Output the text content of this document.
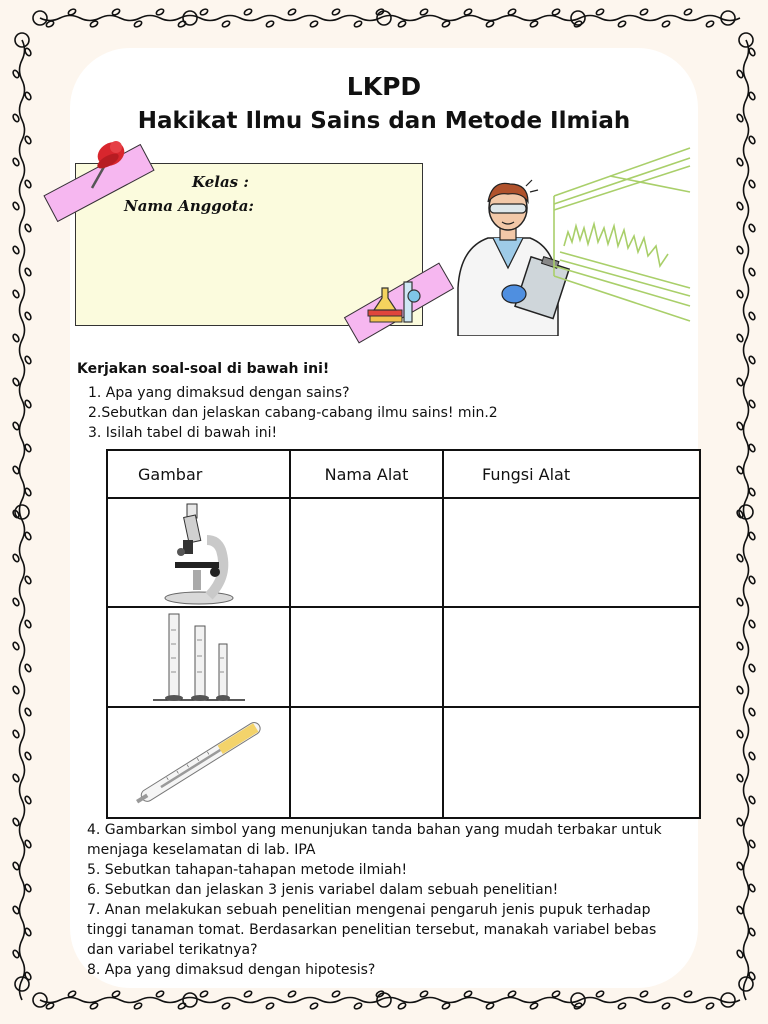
LKPD
Hakikat Ilmu Sains dan Metode Ilmiah
Kelas :
Nama Anggota:
Kerjakan soal-soal di bawah ini!
1. Apa yang dimaksud dengan sains?
2.Sebutkan dan jelaskan cabang-cabang ilmu sains! min.2
3. Isilah tabel di bawah ini!
Gambar	Nama Alat	Fungsi Alat

4. Gambarkan simbol yang menunjukan tanda bahan yang mudah terbakar untuk menjaga keselamatan di lab. IPA
5. Sebutkan tahapan-tahapan metode ilmiah!
6. Sebutkan dan jelaskan 3 jenis variabel dalam sebuah penelitian!
7. Anan melakukan sebuah penelitian mengenai pengaruh jenis pupuk terhadap tinggi tanaman tomat. Berdasarkan penelitian tersebut, manakah variabel bebas dan variabel terikatnya?
8. Apa yang dimaksud dengan hipotesis?
